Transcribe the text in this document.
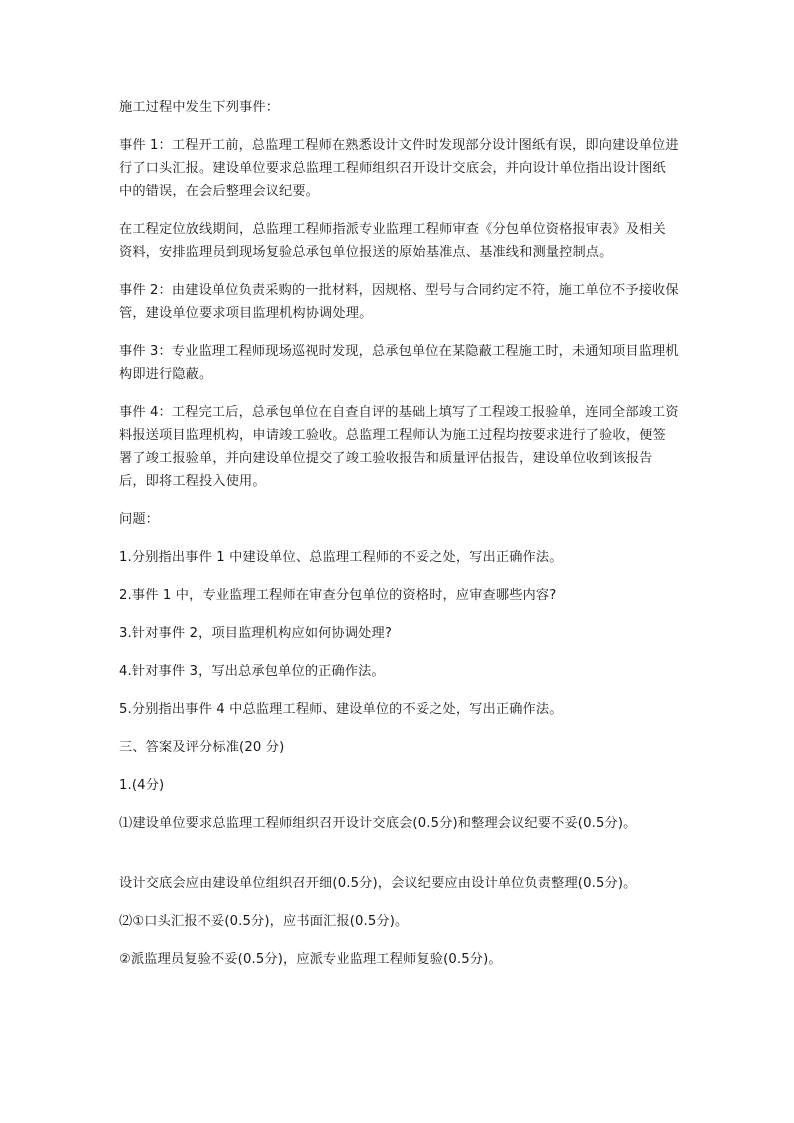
施工过程中发生下列事件：

事件 1：工程开工前，总监理工程师在熟悉设计文件时发现部分设计图纸有误，即向建设单位进行了口头汇报。建设单位要求总监理工程师组织召开设计交底会，并向设计单位指出设计图纸中的错误，在会后整理会议纪要。

在工程定位放线期间，总监理工程师指派专业监理工程师审查《分包单位资格报审表》及相关资料，安排监理员到现场复验总承包单位报送的原始基准点、基准线和测量控制点。

事件 2：由建设单位负责采购的一批材料，因规格、型号与合同约定不符，施工单位不予接收保管，建设单位要求项目监理机构协调处理。

事件 3：专业监理工程师现场巡视时发现，总承包单位在某隐蔽工程施工时，未通知项目监理机构即进行隐蔽。

事件 4：工程完工后，总承包单位在自查自评的基础上填写了工程竣工报验单，连同全部竣工资料报送项目监理机构，申请竣工验收。总监理工程师认为施工过程均按要求进行了验收，便签署了竣工报验单，并向建设单位提交了竣工验收报告和质量评估报告，建设单位收到该报告后，即将工程投入使用。

问题：

1.分别指出事件 1 中建设单位、总监理工程师的不妥之处，写出正确作法。

2.事件 1 中，专业监理工程师在审查分包单位的资格时，应审查哪些内容?

3.针对事件 2，项目监理机构应如何协调处理?

4.针对事件 3，写出总承包单位的正确作法。

5.分别指出事件 4 中总监理工程师、建设单位的不妥之处，写出正确作法。

三、答案及评分标准(20 分)

1.(4分)

⑴建设单位要求总监理工程师组织召开设计交底会(0.5分)和整理会议纪要不妥(0.5分)。

设计交底会应由建设单位组织召开细(0.5分)，会议纪要应由设计单位负责整理(0.5分)。

⑵①口头汇报不妥(0.5分)，应书面汇报(0.5分)。

②派监理员复验不妥(0.5分)，应派专业监理工程师复验(0.5分)。
